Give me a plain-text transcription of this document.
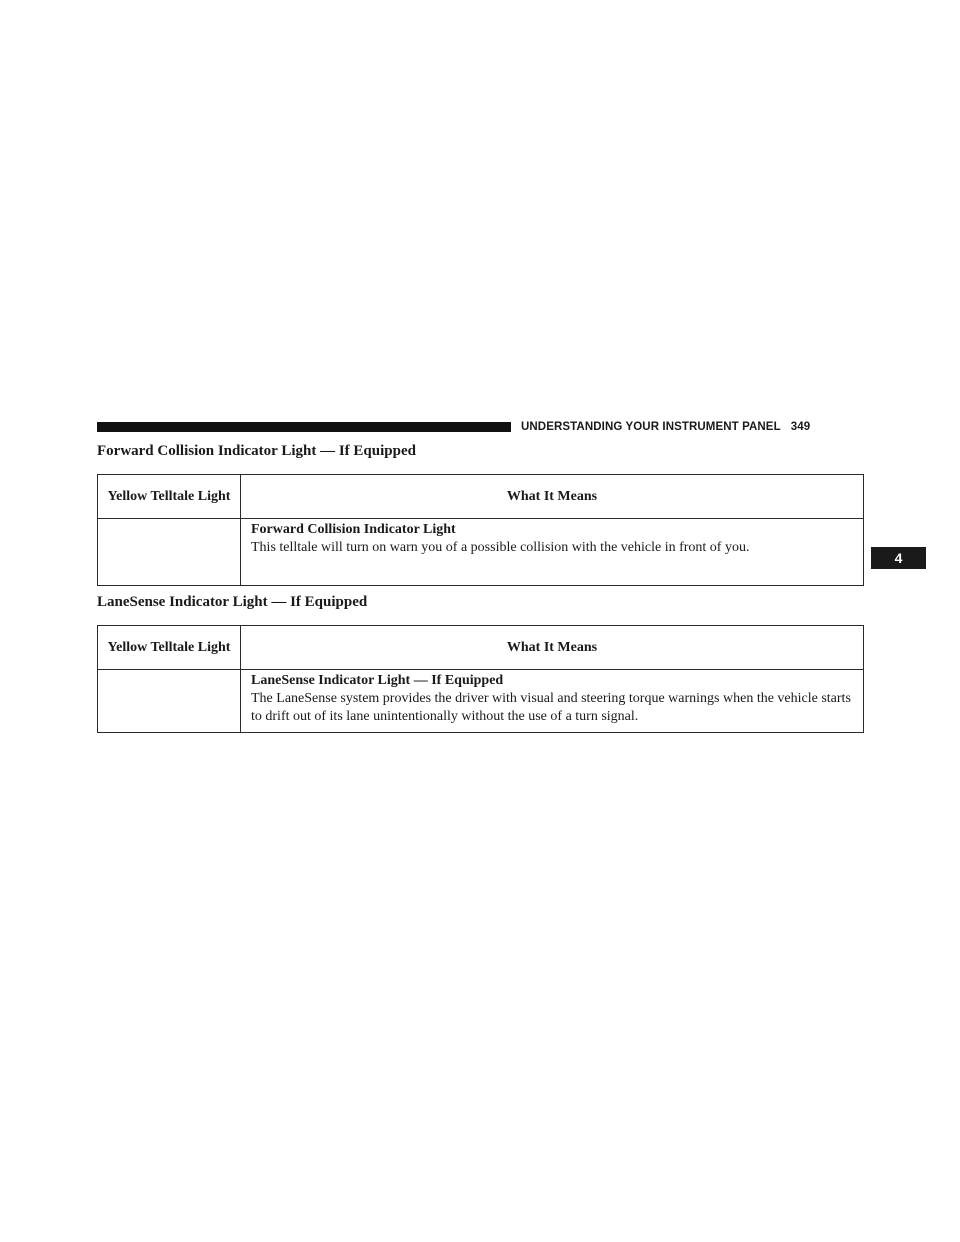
UNDERSTANDING YOUR INSTRUMENT PANEL 349
4
Forward Collision Indicator Light — If Equipped
Yellow Telltale Light	What It Means

	Forward Collision Indicator Light
This telltale will turn on warn you of a possible collision with the vehicle in front of you.
LaneSense Indicator Light — If Equipped
Yellow Telltale Light	What It Means

	LaneSense Indicator Light — If Equipped
The LaneSense system provides the driver with visual and steering torque warnings when the vehicle starts to drift out of its lane unintentionally without the use of a turn signal.
